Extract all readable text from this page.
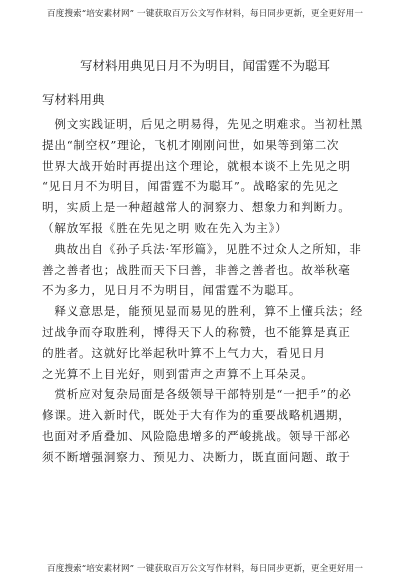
百度搜索“培安素材网” 一键获取百万公文写作材料，每日同步更新，更全更好用一
写材料用典见日月不为明目，闻雷霆不为聪耳
写材料用典
　例文实践证明，后见之明易得，先见之明难求。当初杜黑
提出“制空权”理论，飞机才刚刚问世，如果等到第二次
世界大战开始时再提出这个理论，就根本谈不上先见之明
“见日月不为明目，闻雷霆不为聪耳”。战略家的先见之
明，实质上是一种超越常人的洞察力、想象力和判断力。
（解放军报《胜在先见之明 败在先入为主》）
　典故出自《孙子兵法·军形篇》，见胜不过众人之所知，非
善之善者也；战胜而天下曰善，非善之善者也。故举秋毫
不为多力，见日月不为明目，闻雷霆不为聪耳。
　释义意思是，能预见显而易见的胜利，算不上懂兵法；经
过战争而夺取胜利，博得天下人的称赞，也不能算是真正
的胜者。这就好比举起秋叶算不上气力大，看见日月
之光算不上目光好，则到雷声之声算不上耳朵灵。
　赏析应对复杂局面是各级领导干部特别是“一把手”的必
修课。进入新时代，既处于大有作为的重要战略机遇期，
也面对矛盾叠加、风险隐患增多的严峻挑战。领导干部必
须不断增强洞察力、预见力、决断力，既直面问题、敢于
百度搜索“培安素材网” 一键获取百万公文写作材料，每日同步更新，更全更好用一
